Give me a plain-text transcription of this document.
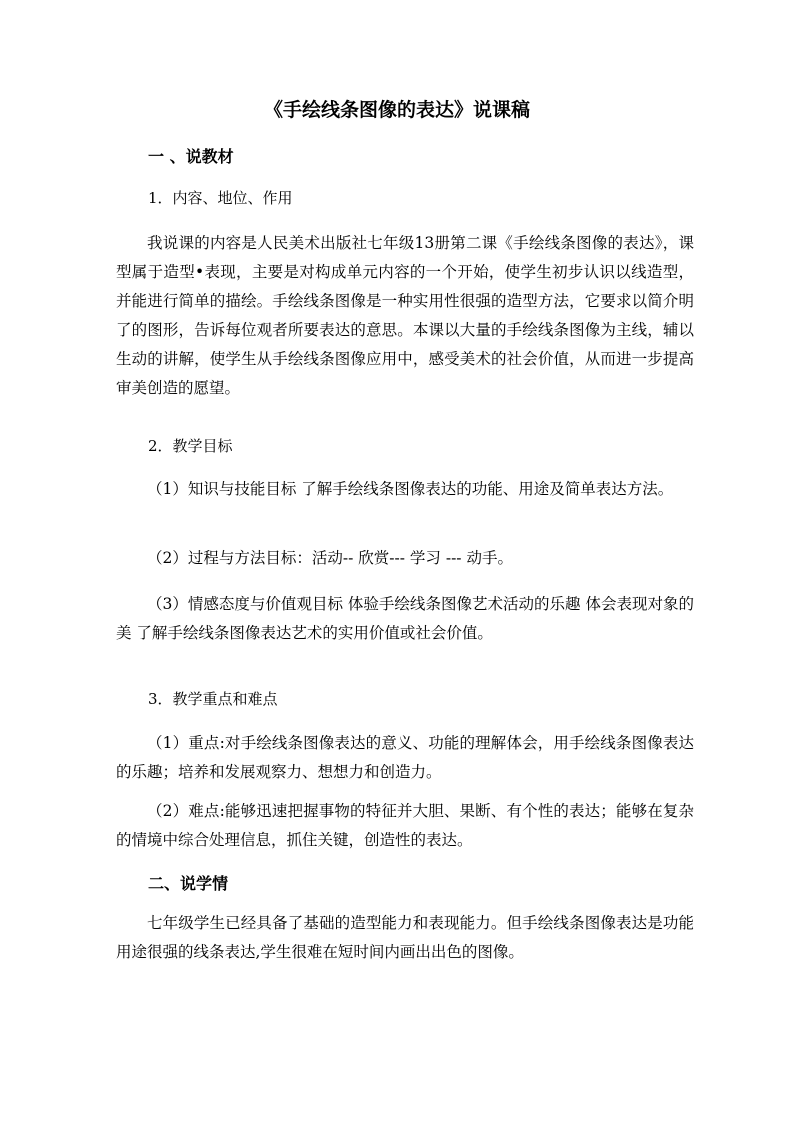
《手绘线条图像的表达》说课稿
一 、说教材
1．内容、地位、作用
我说课的内容是人民美术出版社七年级13册第二课《手绘线条图像的表达》，课型属于造型•表现，主要是对构成单元内容的一个开始，使学生初步认识以线造型，并能进行简单的描绘。手绘线条图像是一种实用性很强的造型方法，它要求以简介明了的图形，告诉每位观者所要表达的意思。本课以大量的手绘线条图像为主线，辅以生动的讲解，使学生从手绘线条图像应用中，感受美术的社会价值，从而进一步提高审美创造的愿望。
2．教学目标
（1）知识与技能目标 了解手绘线条图像表达的功能、用途及简单表达方法。
（2）过程与方法目标：活动-- 欣赏--- 学习 --- 动手。
（3）情感态度与价值观目标 体验手绘线条图像艺术活动的乐趣 体会表现对象的美 了解手绘线条图像表达艺术的实用价值或社会价值。
3．教学重点和难点
（1）重点:对手绘线条图像表达的意义、功能的理解体会，用手绘线条图像表达的乐趣；培养和发展观察力、想想力和创造力。
（2）难点:能够迅速把握事物的特征并大胆、果断、有个性的表达；能够在复杂的情境中综合处理信息，抓住关键，创造性的表达。
二、说学情
七年级学生已经具备了基础的造型能力和表现能力。但手绘线条图像表达是功能用途很强的线条表达,学生很难在短时间内画出出色的图像。
